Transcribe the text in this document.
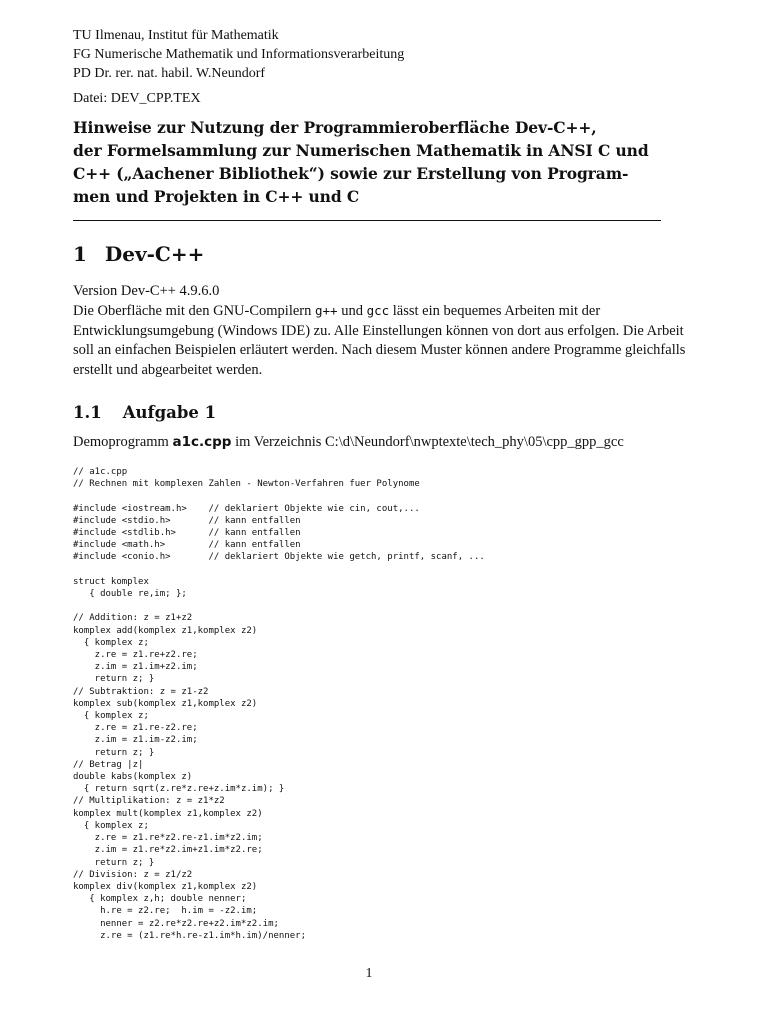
TU Ilmenau, Institut für Mathematik

FG Numerische Mathematik und Informationsverarbeitung

PD Dr. rer. nat. habil. W.Neundorf

Datei: DEV_CPP.TEX
Hinweise zur Nutzung der Programmieroberfläche Dev-C++,
der Formelsammlung zur Numerischen Mathematik in ANSI C und
C++ („Aachener Bibliothek“) sowie zur Erstellung von Program-
men und Projekten in C++ und C
1 Dev-C++
Version Dev-C++ 4.9.6.0

Die Oberfläche mit den GNU-Compilern g++ und gcc lässt ein bequemes Arbeiten mit der Entwicklungsumgebung (Windows IDE) zu. Alle Einstellungen können von dort aus erfolgen. Die Arbeit soll an einfachen Beispielen erläutert werden. Nach diesem Muster können andere Programme gleichfalls erstellt und abgearbeitet werden.

1.1 Aufgabe 1
Demoprogramm a1c.cpp im Verzeichnis C:\d\Neundorf\nwptexte\tech_phy\05\cpp_gpp_gcc
// a1c.cpp
// Rechnen mit komplexen Zahlen - Newton-Verfahren fuer Polynome

#include <iostream.h>    // deklariert Objekte wie cin, cout,...
#include <stdio.h>       // kann entfallen
#include <stdlib.h>      // kann entfallen
#include <math.h>        // kann entfallen
#include <conio.h>       // deklariert Objekte wie getch, printf, scanf, ...

struct komplex
{ double re,im; };

// Addition: z = z1+z2
komplex add(komplex z1,komplex z2)
{ komplex z;
z.re = z1.re+z2.re;
z.im = z1.im+z2.im;
return z; }
// Subtraktion: z = z1-z2
komplex sub(komplex z1,komplex z2)
{ komplex z;
z.re = z1.re-z2.re;
z.im = z1.im-z2.im;
return z; }
// Betrag |z|
double kabs(komplex z)
{ return sqrt(z.re*z.re+z.im*z.im); }
// Multiplikation: z = z1*z2
komplex mult(komplex z1,komplex z2)
{ komplex z;
z.re = z1.re*z2.re-z1.im*z2.im;
z.im = z1.re*z2.im+z1.im*z2.re;
return z; }
// Division: z = z1/z2
komplex div(komplex z1,komplex z2)
{ komplex z,h; double nenner;
h.re = z2.re;  h.im = -z2.im;
nenner = z2.re*z2.re+z2.im*z2.im;
z.re = (z1.re*h.re-z1.im*h.im)/nenner;
1
